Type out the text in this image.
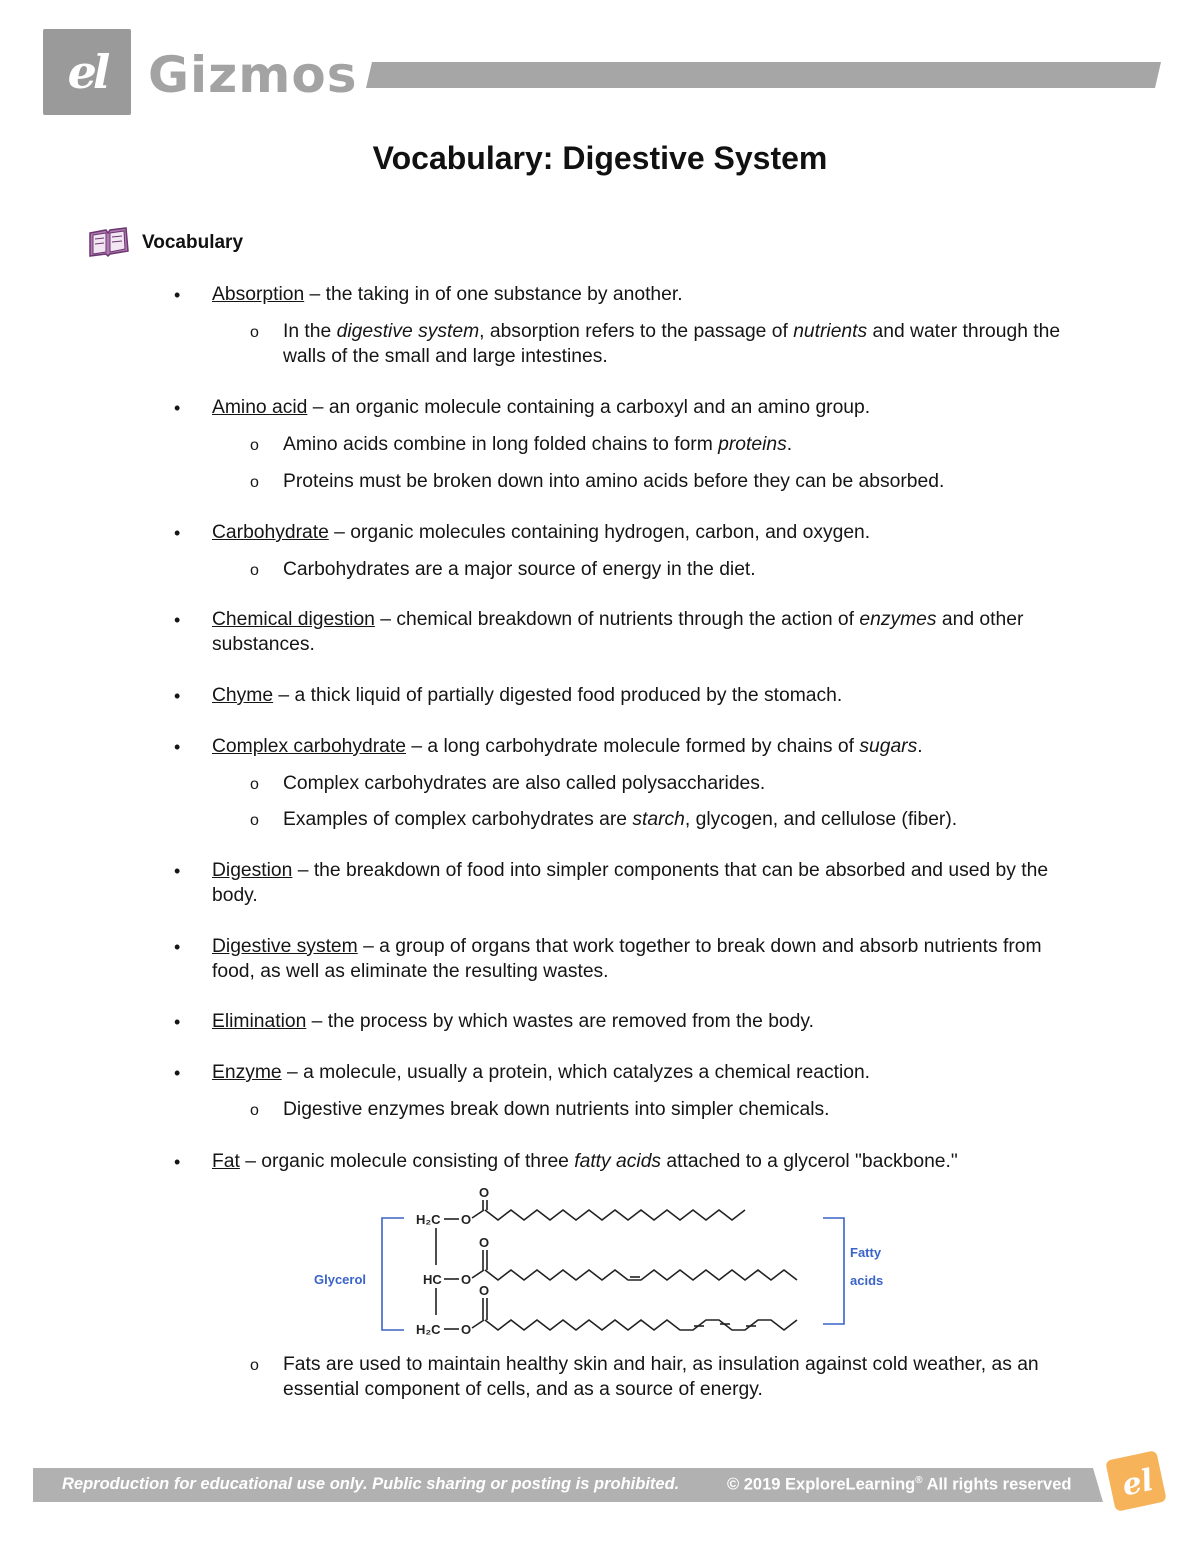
el Gizmos
Vocabulary: Digestive System
Vocabulary
• Absorption – the taking in of one substance by another.
o In the digestive system, absorption refers to the passage of nutrients and water through the walls of the small and large intestines.
• Amino acid – an organic molecule containing a carboxyl and an amino group.
o Amino acids combine in long folded chains to form proteins.
o Proteins must be broken down into amino acids before they can be absorbed.
• Carbohydrate – organic molecules containing hydrogen, carbon, and oxygen.
o Carbohydrates are a major source of energy in the diet.
• Chemical digestion – chemical breakdown of nutrients through the action of enzymes and other substances.
• Chyme – a thick liquid of partially digested food produced by the stomach.
• Complex carbohydrate – a long carbohydrate molecule formed by chains of sugars.
o Complex carbohydrates are also called polysaccharides.
o Examples of complex carbohydrates are starch, glycogen, and cellulose (fiber).
• Digestion – the breakdown of food into simpler components that can be absorbed and used by the body.
• Digestive system – a group of organs that work together to break down and absorb nutrients from food, as well as eliminate the resulting wastes.
• Elimination – the process by which wastes are removed from the body.
• Enzyme – a molecule, usually a protein, which catalyzes a chemical reaction.
o Digestive enzymes break down nutrients into simpler chemicals.
• Fat – organic molecule consisting of three fatty acids attached to a glycerol "backbone."
O
O
O
H₂C
HC
H₂C
O
O
O
Glycerol
Fatty
acids
o Fats are used to maintain healthy skin and hair, as insulation against cold weather, as an essential component of cells, and as a source of energy.
Reproduction for educational use only. Public sharing or posting is prohibited.	© 2019 ExploreLearning® All rights reserved el
